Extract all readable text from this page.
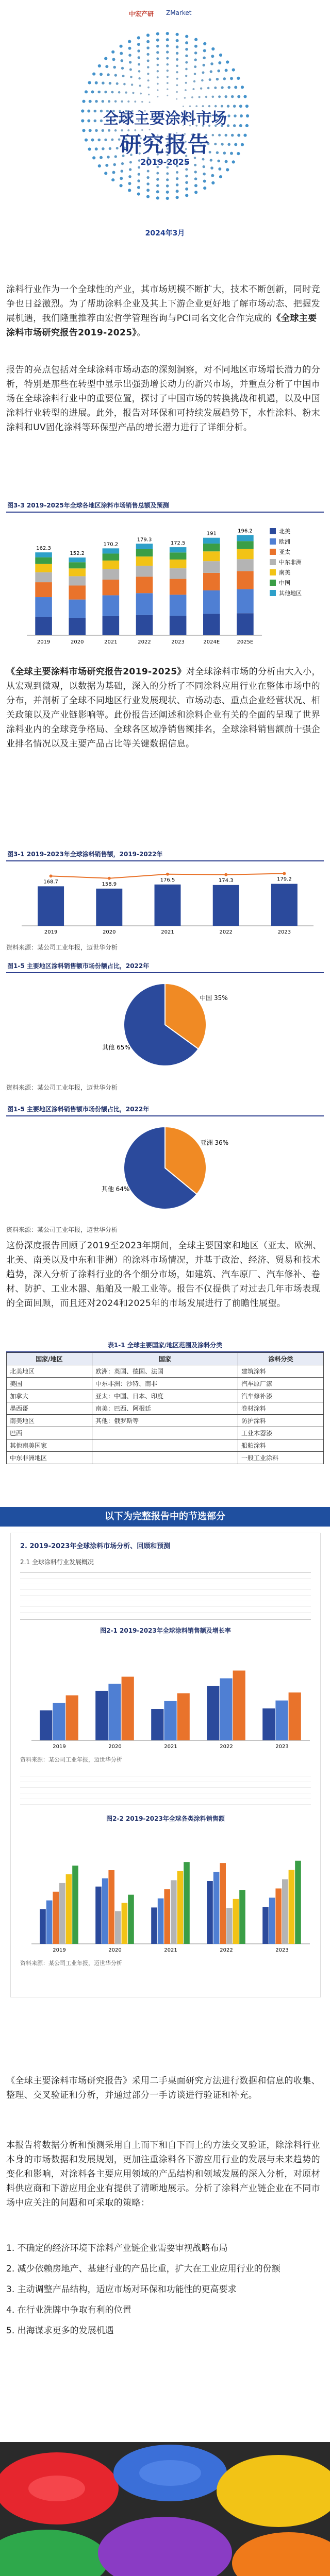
中宏产研 ZMarket
全球主要涂料市场
研究报告
2019-2025
2024年3月
涂料行业作为一个全球性的产业，其市场规模不断扩大，技术不断创新，同时竞争也日益激烈。为了帮助涂料企业及其上下游企业更好地了解市场动态、把握发展机遇，我们隆重推荐由宏哲学管理咨询与PCI司名文化合作完成的《全球主要涂料市场研究报告2019-2025》。
报告的亮点包括对全球涂料市场动态的深刻洞察，对不同地区市场增长潜力的分析，特别是那些在转型中显示出强劲增长动力的新兴市场，并重点分析了中国市场在全球涂料行业中的重要位置，探讨了中国市场的转换挑战和机遇，以及中国涂料行业转型的进展。此外，报告对环保和可持续发展趋势下，水性涂料、粉末涂料和UV固化涂料等环保型产品的增长潜力进行了详细分析。
图3-3 2019-2025年全球各地区涂料市场销售总额及预测
162.3
2019
152.2
2020
170.2
2021
179.3
2022
172.5
2023
191
2024E
196.2
2025E
北美
欧洲
亚太
中东非洲
南美
中国
其他地区
《全球主要涂料市场研究报告2019-2025》对全球涂料市场的分析由大入小，从宏观到微观，以数据为基础，深入的分析了不同涂料应用行业在整体市场中的分布，并剖析了全球不同地区行业发展现状、市场动态、重点企业经营状况、相关政策以及产业链影响等。此份报告还阐述和涂料企业有关的全面的呈现了世界涂料业内的全球竞争格局、全球各区域净销售额排名，全球涂料销售额前十强企业排名情况以及主要产品占比等关键数据信息。
图3-1 2019-2023年全球涂料销售额，2019-2022年
2019
168.7
2020
158.9
2021
176.5
2022
174.3
2023
179.2
资料来源：某公司工业年报，迈世华分析
图1-5 主要地区涂料销售额市场份额占比，2022年
中国 35%
其他 65%
资料来源：某公司工业年报，迈世华分析
图1-5 主要地区涂料销售额市场份额占比，2022年
亚洲 36%
其他 64%
资料来源：某公司工业年报，迈世华分析
这份深度报告回顾了2019至2023年期间，全球主要国家和地区（亚太、欧洲、北美、南美以及中东和非洲）的涂料市场情况，并基于政治、经济、贸易和技术趋势，深入分析了涂料行业的各个细分市场，如建筑、汽车原厂、汽车修补、卷材、防护、工业木器、船舶及一般工业等。报告不仅提供了对过去几年市场表现的全面回顾，而且还对2024和2025年的市场发展进行了前瞻性展望。
表1-1 全球主要国家/地区范围及涂料分类
国家/地区	国家	涂料分类
北美地区	欧洲：英国、德国、法国	建筑涂料
美国	中东非洲：沙特、南非	汽车原厂漆
加拿大	亚太：中国、日本、印度	汽车修补漆
墨西哥	南美：巴西、阿根廷	卷材涂料
南美地区	其他：俄罗斯等	防护涂料
巴西		工业木器漆
其他南美国家		船舶涂料
中东非洲地区		一般工业涂料
以下为完整报告中的节选部分
2. 2019-2023年全球涂料市场分析、回顾和预测
2.1 全球涂料行业发展概况
图2-1 2019-2023年全球涂料销售额及增长率
2019	2020	2021	2022	2023
资料来源：某公司工业年报，迈世华分析
图2-2 2019-2023年全球各类涂料销售额
2019	2020	2021	2022	2023
资料来源：某公司工业年报，迈世华分析
《全球主要涂料市场研究报告》采用二手桌面研究方法进行数据和信息的收集、整理、交叉验证和分析，并通过部分一手访谈进行验证和补充。
本报告将数据分析和预测采用自上而下和自下而上的方法交叉验证，除涂料行业本身的市场数据和发展规划，更加注重涂料各下游应用行业的发展与未来趋势的变化和影响，对涂料各主要应用领域的产品结构和领域发展的深入分析，对原材料供应商和下游应用企业有提供了清晰地展示。分析了涂料产业链企业在不同市场中应关注的问题和可采取的策略：
1. 不确定的经济环境下涂料产业链企业需要审视战略布局
2. 减少依赖房地产、基建行业的产品比重，扩大在工业应用行业的份额
3. 主动调整产品结构，适应市场对环保和功能性的更高要求
4. 在行业洗牌中争取有利的位置
5. 出海谋求更多的发展机遇
